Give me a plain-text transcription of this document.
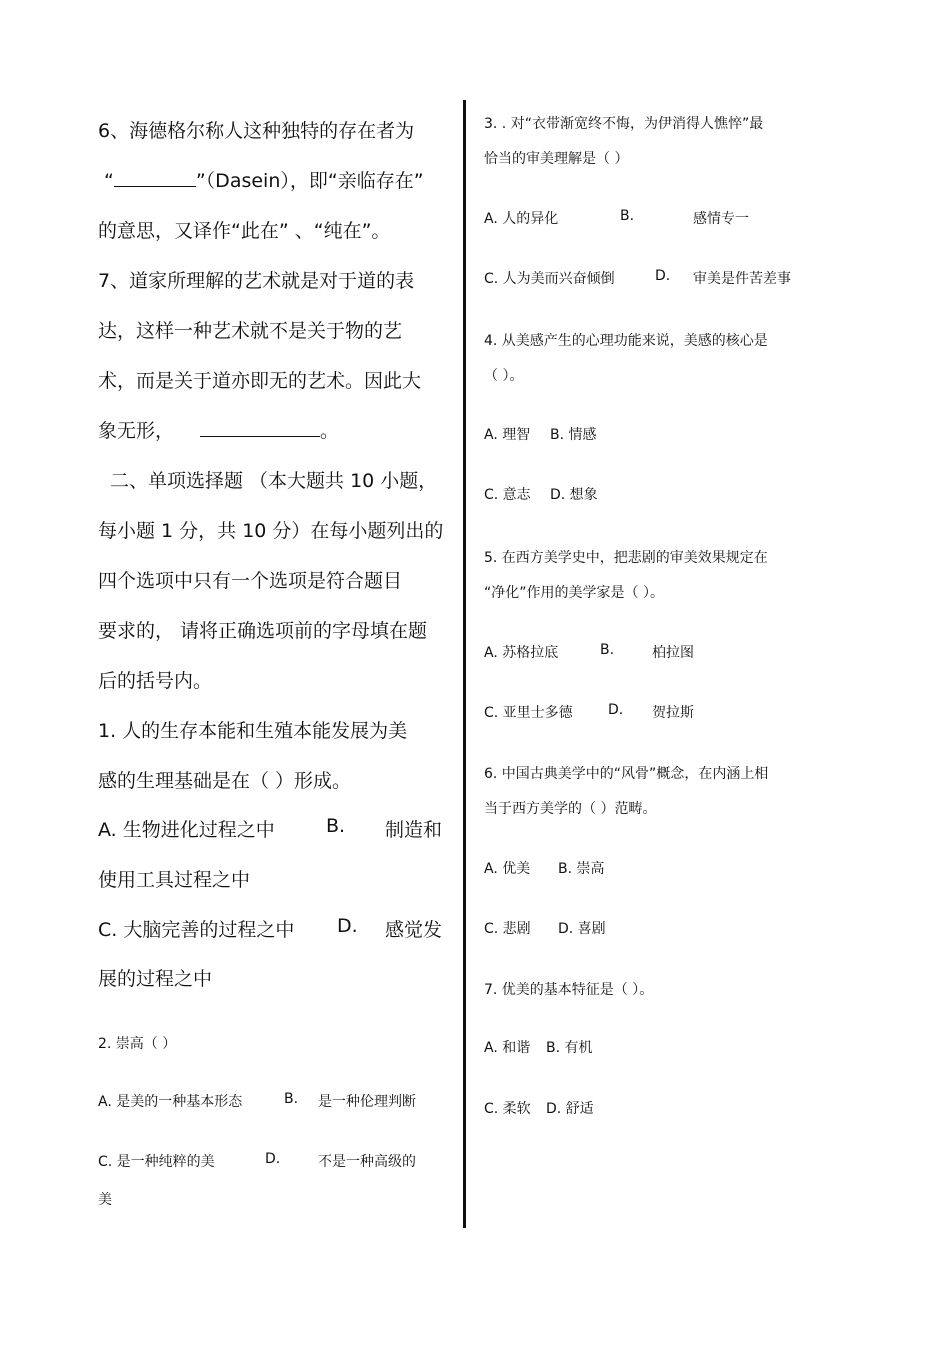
6、海德格尔称人这种独特的存在者为
“	”（Dasein），即“亲临存在”
的意思，又译作“此在” 、“纯在”。
7、道家所理解的艺术就是对于道的表
达，这样一种艺术就不是关于物的艺
术，而是关于道亦即无的艺术。因此大
象无形，	。
二、单项选择题 （本大题共 10 小题，
每小题 1 分，共 10 分）在每小题列出的
四个选项中只有一个选项是符合题目
要求的， 请将正确选项前的字母填在题
后的括号内。
1. 人的生存本能和生殖本能发展为美
感的生理基础是在（ ）形成。
A. 生物进化过程之中	B. 制造和
使用工具过程之中
C. 大脑完善的过程之中 D. 感觉发
展的过程之中
2. 崇高（ ）
A. 是美的一种基本形态	B. 是一种伦理判断
C. 是一种纯粹的美	D.	不是一种高级的
美
3. . 对“衣带渐宽终不悔，为伊消得人憔悴”最
恰当的审美理解是（ ）
A. 人的异化	B.	感情专一
C. 人为美而兴奋倾倒	D. 审美是件苦差事
4. 从美感产生的心理功能来说，美感的核心是
（ ）。
A. 理智 B. 情感
C. 意志 D. 想象
5. 在西方美学史中，把悲剧的审美效果规定在
“净化”作用的美学家是（ ）。
A. 苏格拉底	B.	柏拉图
C. 亚里士多德	D. 贺拉斯
6. 中国古典美学中的“风骨”概念，在内涵上相
当于西方美学的（ ）范畴。
A. 优美 B. 崇高
C. 悲剧 D. 喜剧
7. 优美的基本特征是（ ）。
A. 和谐 B. 有机
C. 柔软 D. 舒适
